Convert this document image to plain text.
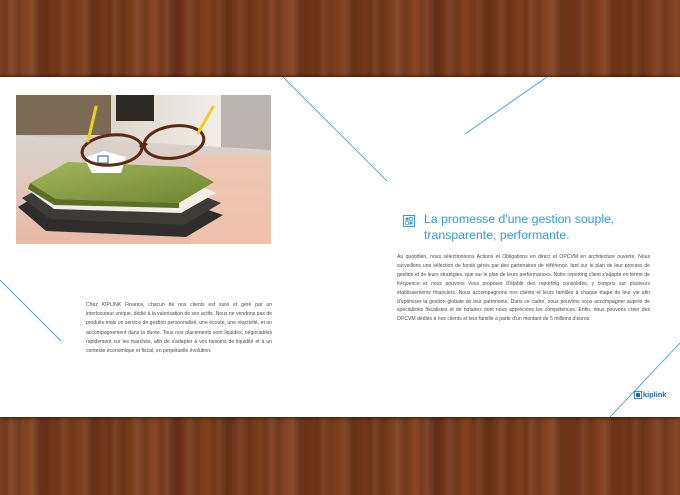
Chez KIPLINK Finance, chacun de nos clients est suivi et géré par un interlocuteur unique, dédié à la valorisation de ses actifs. Nous ne vendons pas de produits mais un service de gestion personnalisé, une écoute, une réactivité, et un accompagnement dans la durée. Tous nos placements sont liquides, négociables rapidement sur les marchés, afin de s'adapter à vos besoins de liquidité et à un contexte économique et fiscal, en perpétuelle évolution.
La promesse d'une gestion souple,
transparente, performante.
Au quotidien, nous sélectionnons Actions et Obligations en direct et OPCVM en architecture ouverte. Nous surveillons une sélection de fonds gérés par des partenaires de référence, tant sur le plan de leur process de gestion et de leurs stratégies, que sur le plan de leurs performances. Notre reporting client s'adapte en terme de fréquence et nous pouvons vous proposer d'établir des reporting consolidés, y compris sur plusieurs établissements financiers. Nous accompagnons nos clients et leurs familles à chaque étape de leur vie afin d'optimiser la gestion globale de leur patrimoine. Dans ce cadre, nous pouvons vous accompagner auprès de spécialistes fiscalistes et de notaires dont nous apprécions les compétences. Enfin, nous pouvons créer des OPCVM dédiés à nos clients et leur famille à partir d'un montant de 5 millions d'euros.
kiplink
